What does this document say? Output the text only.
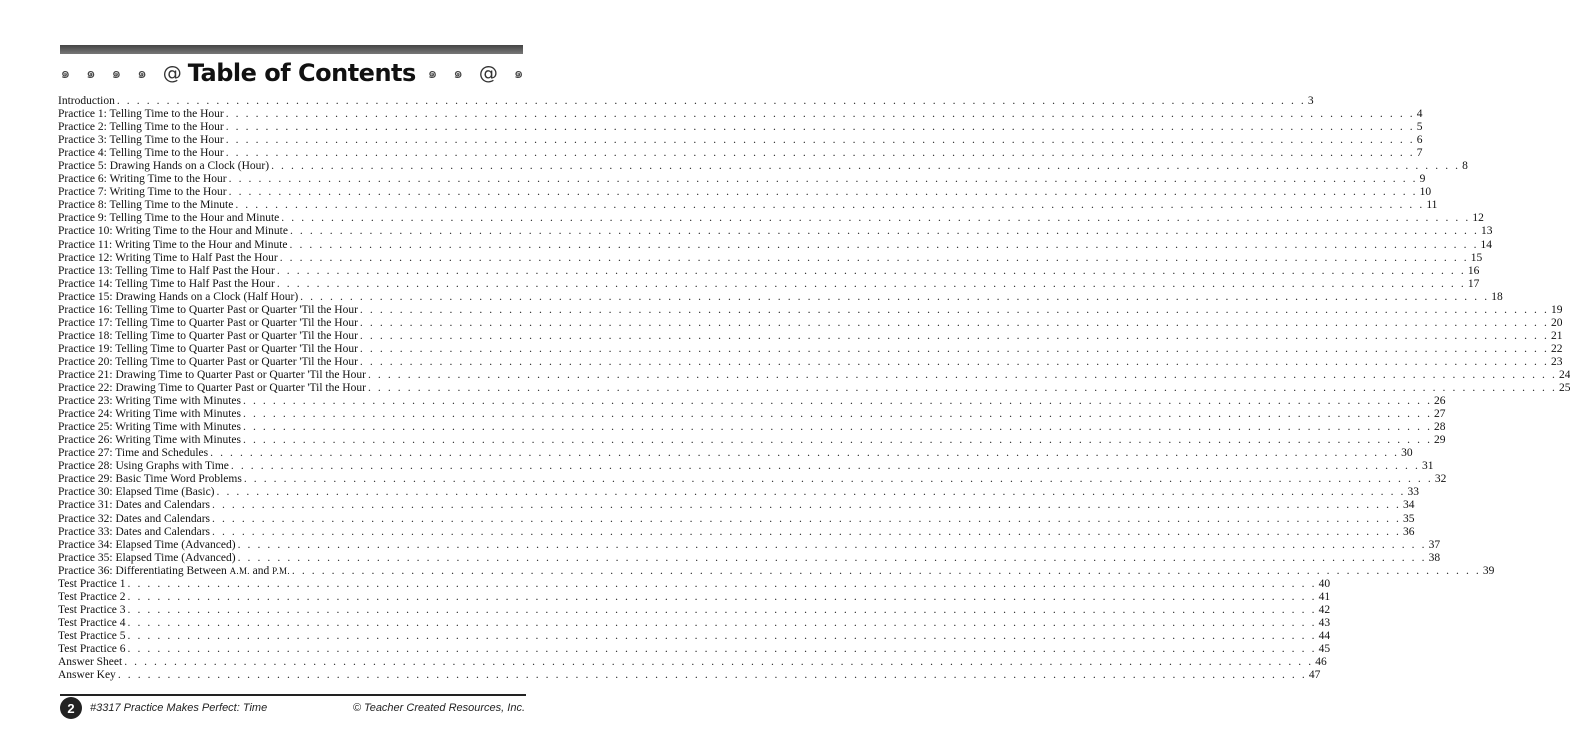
๑ ๑ ๑ ๑ @ Table of Contents ๑ ๑ @ ๑
Introduction . . . . . . . . . . . . . . . . . . . . . . . . . . . . . . . . . . . . . . . . . . . . . . . . . . . . . . . . . . . . . . . . . . . . . . . . . . . . . . . . . . . . . . . . . . . . . . . . . . . . . . . . . . . . . . . . . . . . . . . . 3
Practice 1: Telling Time to the Hour . . . . . . . . . . . . . . . . . . . . . . . . . . . . . . . . . . . . . . . . . . . . . . . . . . . . . . . . . . . . . . . . . . . . . . . . . . . . . . . . . . . . . . . . . . . . . . . . . . . . . . . . . . . . . . . . . . . . . . . . 4
Practice 2: Telling Time to the Hour . . . . . . . . . . . . . . . . . . . . . . . . . . . . . . . . . . . . . . . . . . . . . . . . . . . . . . . . . . . . . . . . . . . . . . . . . . . . . . . . . . . . . . . . . . . . . . . . . . . . . . . . . . . . . . . . . . . . . . . . 5
Practice 3: Telling Time to the Hour . . . . . . . . . . . . . . . . . . . . . . . . . . . . . . . . . . . . . . . . . . . . . . . . . . . . . . . . . . . . . . . . . . . . . . . . . . . . . . . . . . . . . . . . . . . . . . . . . . . . . . . . . . . . . . . . . . . . . . . . 6
Practice 4: Telling Time to the Hour . . . . . . . . . . . . . . . . . . . . . . . . . . . . . . . . . . . . . . . . . . . . . . . . . . . . . . . . . . . . . . . . . . . . . . . . . . . . . . . . . . . . . . . . . . . . . . . . . . . . . . . . . . . . . . . . . . . . . . . . 7
Practice 5: Drawing Hands on a Clock (Hour) . . . . . . . . . . . . . . . . . . . . . . . . . . . . . . . . . . . . . . . . . . . . . . . . . . . . . . . . . . . . . . . . . . . . . . . . . . . . . . . . . . . . . . . . . . . . . . . . . . . . . . . . . . . . . . . . . . . . . . . . 8
Practice 6: Writing Time to the Hour . . . . . . . . . . . . . . . . . . . . . . . . . . . . . . . . . . . . . . . . . . . . . . . . . . . . . . . . . . . . . . . . . . . . . . . . . . . . . . . . . . . . . . . . . . . . . . . . . . . . . . . . . . . . . . . . . . . . . . . . 9
Practice 7: Writing Time to the Hour . . . . . . . . . . . . . . . . . . . . . . . . . . . . . . . . . . . . . . . . . . . . . . . . . . . . . . . . . . . . . . . . . . . . . . . . . . . . . . . . . . . . . . . . . . . . . . . . . . . . . . . . . . . . . . . . . . . . . . . . 10
Practice 8: Telling Time to the Minute . . . . . . . . . . . . . . . . . . . . . . . . . . . . . . . . . . . . . . . . . . . . . . . . . . . . . . . . . . . . . . . . . . . . . . . . . . . . . . . . . . . . . . . . . . . . . . . . . . . . . . . . . . . . . . . . . . . . . . . . 11
Practice 9: Telling Time to the Hour and Minute . . . . . . . . . . . . . . . . . . . . . . . . . . . . . . . . . . . . . . . . . . . . . . . . . . . . . . . . . . . . . . . . . . . . . . . . . . . . . . . . . . . . . . . . . . . . . . . . . . . . . . . . . . . . . . . . . . . . . . . . 12
Practice 10: Writing Time to the Hour and Minute . . . . . . . . . . . . . . . . . . . . . . . . . . . . . . . . . . . . . . . . . . . . . . . . . . . . . . . . . . . . . . . . . . . . . . . . . . . . . . . . . . . . . . . . . . . . . . . . . . . . . . . . . . . . . . . . . . . . . . . . 13
Practice 11: Writing Time to the Hour and Minute . . . . . . . . . . . . . . . . . . . . . . . . . . . . . . . . . . . . . . . . . . . . . . . . . . . . . . . . . . . . . . . . . . . . . . . . . . . . . . . . . . . . . . . . . . . . . . . . . . . . . . . . . . . . . . . . . . . . . . . . 14
Practice 12: Writing Time to Half Past the Hour . . . . . . . . . . . . . . . . . . . . . . . . . . . . . . . . . . . . . . . . . . . . . . . . . . . . . . . . . . . . . . . . . . . . . . . . . . . . . . . . . . . . . . . . . . . . . . . . . . . . . . . . . . . . . . . . . . . . . . . . 15
Practice 13: Telling Time to Half Past the Hour . . . . . . . . . . . . . . . . . . . . . . . . . . . . . . . . . . . . . . . . . . . . . . . . . . . . . . . . . . . . . . . . . . . . . . . . . . . . . . . . . . . . . . . . . . . . . . . . . . . . . . . . . . . . . . . . . . . . . . . . 16
Practice 14: Telling Time to Half Past the Hour . . . . . . . . . . . . . . . . . . . . . . . . . . . . . . . . . . . . . . . . . . . . . . . . . . . . . . . . . . . . . . . . . . . . . . . . . . . . . . . . . . . . . . . . . . . . . . . . . . . . . . . . . . . . . . . . . . . . . . . . 17
Practice 15: Drawing Hands on a Clock (Half Hour) . . . . . . . . . . . . . . . . . . . . . . . . . . . . . . . . . . . . . . . . . . . . . . . . . . . . . . . . . . . . . . . . . . . . . . . . . . . . . . . . . . . . . . . . . . . . . . . . . . . . . . . . . . . . . . . . . . . . . . . . 18
Practice 16: Telling Time to Quarter Past or Quarter 'Til the Hour . . . . . . . . . . . . . . . . . . . . . . . . . . . . . . . . . . . . . . . . . . . . . . . . . . . . . . . . . . . . . . . . . . . . . . . . . . . . . . . . . . . . . . . . . . . . . . . . . . . . . . . . . . . . . . . . . . . . . . . . 19
Practice 17: Telling Time to Quarter Past or Quarter 'Til the Hour . . . . . . . . . . . . . . . . . . . . . . . . . . . . . . . . . . . . . . . . . . . . . . . . . . . . . . . . . . . . . . . . . . . . . . . . . . . . . . . . . . . . . . . . . . . . . . . . . . . . . . . . . . . . . . . . . . . . . . . . 20
Practice 18: Telling Time to Quarter Past or Quarter 'Til the Hour . . . . . . . . . . . . . . . . . . . . . . . . . . . . . . . . . . . . . . . . . . . . . . . . . . . . . . . . . . . . . . . . . . . . . . . . . . . . . . . . . . . . . . . . . . . . . . . . . . . . . . . . . . . . . . . . . . . . . . . . 21
Practice 19: Telling Time to Quarter Past or Quarter 'Til the Hour . . . . . . . . . . . . . . . . . . . . . . . . . . . . . . . . . . . . . . . . . . . . . . . . . . . . . . . . . . . . . . . . . . . . . . . . . . . . . . . . . . . . . . . . . . . . . . . . . . . . . . . . . . . . . . . . . . . . . . . . 22
Practice 20: Telling Time to Quarter Past or Quarter 'Til the Hour . . . . . . . . . . . . . . . . . . . . . . . . . . . . . . . . . . . . . . . . . . . . . . . . . . . . . . . . . . . . . . . . . . . . . . . . . . . . . . . . . . . . . . . . . . . . . . . . . . . . . . . . . . . . . . . . . . . . . . . . 23
Practice 21: Drawing Time to Quarter Past or Quarter 'Til the Hour . . . . . . . . . . . . . . . . . . . . . . . . . . . . . . . . . . . . . . . . . . . . . . . . . . . . . . . . . . . . . . . . . . . . . . . . . . . . . . . . . . . . . . . . . . . . . . . . . . . . . . . . . . . . . . . . . . . . . . . . 24
Practice 22: Drawing Time to Quarter Past or Quarter 'Til the Hour . . . . . . . . . . . . . . . . . . . . . . . . . . . . . . . . . . . . . . . . . . . . . . . . . . . . . . . . . . . . . . . . . . . . . . . . . . . . . . . . . . . . . . . . . . . . . . . . . . . . . . . . . . . . . . . . . . . . . . . . 25
Practice 23: Writing Time with Minutes . . . . . . . . . . . . . . . . . . . . . . . . . . . . . . . . . . . . . . . . . . . . . . . . . . . . . . . . . . . . . . . . . . . . . . . . . . . . . . . . . . . . . . . . . . . . . . . . . . . . . . . . . . . . . . . . . . . . . . . . 26
Practice 24: Writing Time with Minutes . . . . . . . . . . . . . . . . . . . . . . . . . . . . . . . . . . . . . . . . . . . . . . . . . . . . . . . . . . . . . . . . . . . . . . . . . . . . . . . . . . . . . . . . . . . . . . . . . . . . . . . . . . . . . . . . . . . . . . . . 27
Practice 25: Writing Time with Minutes . . . . . . . . . . . . . . . . . . . . . . . . . . . . . . . . . . . . . . . . . . . . . . . . . . . . . . . . . . . . . . . . . . . . . . . . . . . . . . . . . . . . . . . . . . . . . . . . . . . . . . . . . . . . . . . . . . . . . . . . 28
Practice 26: Writing Time with Minutes . . . . . . . . . . . . . . . . . . . . . . . . . . . . . . . . . . . . . . . . . . . . . . . . . . . . . . . . . . . . . . . . . . . . . . . . . . . . . . . . . . . . . . . . . . . . . . . . . . . . . . . . . . . . . . . . . . . . . . . . 29
Practice 27: Time and Schedules . . . . . . . . . . . . . . . . . . . . . . . . . . . . . . . . . . . . . . . . . . . . . . . . . . . . . . . . . . . . . . . . . . . . . . . . . . . . . . . . . . . . . . . . . . . . . . . . . . . . . . . . . . . . . . . . . . . . . . . . 30
Practice 28: Using Graphs with Time . . . . . . . . . . . . . . . . . . . . . . . . . . . . . . . . . . . . . . . . . . . . . . . . . . . . . . . . . . . . . . . . . . . . . . . . . . . . . . . . . . . . . . . . . . . . . . . . . . . . . . . . . . . . . . . . . . . . . . . . 31
Practice 29: Basic Time Word Problems . . . . . . . . . . . . . . . . . . . . . . . . . . . . . . . . . . . . . . . . . . . . . . . . . . . . . . . . . . . . . . . . . . . . . . . . . . . . . . . . . . . . . . . . . . . . . . . . . . . . . . . . . . . . . . . . . . . . . . . . 32
Practice 30: Elapsed Time (Basic) . . . . . . . . . . . . . . . . . . . . . . . . . . . . . . . . . . . . . . . . . . . . . . . . . . . . . . . . . . . . . . . . . . . . . . . . . . . . . . . . . . . . . . . . . . . . . . . . . . . . . . . . . . . . . . . . . . . . . . . . 33
Practice 31: Dates and Calendars . . . . . . . . . . . . . . . . . . . . . . . . . . . . . . . . . . . . . . . . . . . . . . . . . . . . . . . . . . . . . . . . . . . . . . . . . . . . . . . . . . . . . . . . . . . . . . . . . . . . . . . . . . . . . . . . . . . . . . . . 34
Practice 32: Dates and Calendars . . . . . . . . . . . . . . . . . . . . . . . . . . . . . . . . . . . . . . . . . . . . . . . . . . . . . . . . . . . . . . . . . . . . . . . . . . . . . . . . . . . . . . . . . . . . . . . . . . . . . . . . . . . . . . . . . . . . . . . . 35
Practice 33: Dates and Calendars . . . . . . . . . . . . . . . . . . . . . . . . . . . . . . . . . . . . . . . . . . . . . . . . . . . . . . . . . . . . . . . . . . . . . . . . . . . . . . . . . . . . . . . . . . . . . . . . . . . . . . . . . . . . . . . . . . . . . . . . 36
Practice 34: Elapsed Time (Advanced) . . . . . . . . . . . . . . . . . . . . . . . . . . . . . . . . . . . . . . . . . . . . . . . . . . . . . . . . . . . . . . . . . . . . . . . . . . . . . . . . . . . . . . . . . . . . . . . . . . . . . . . . . . . . . . . . . . . . . . . . 37
Practice 35: Elapsed Time (Advanced) . . . . . . . . . . . . . . . . . . . . . . . . . . . . . . . . . . . . . . . . . . . . . . . . . . . . . . . . . . . . . . . . . . . . . . . . . . . . . . . . . . . . . . . . . . . . . . . . . . . . . . . . . . . . . . . . . . . . . . . . 38
Practice 36: Differentiating Between A.M. and P.M. . . . . . . . . . . . . . . . . . . . . . . . . . . . . . . . . . . . . . . . . . . . . . . . . . . . . . . . . . . . . . . . . . . . . . . . . . . . . . . . . . . . . . . . . . . . . . . . . . . . . . . . . . . . . . . . . . . . . . . . . 39
Test Practice 1 . . . . . . . . . . . . . . . . . . . . . . . . . . . . . . . . . . . . . . . . . . . . . . . . . . . . . . . . . . . . . . . . . . . . . . . . . . . . . . . . . . . . . . . . . . . . . . . . . . . . . . . . . . . . . . . . . . . . . . . . 40
Test Practice 2 . . . . . . . . . . . . . . . . . . . . . . . . . . . . . . . . . . . . . . . . . . . . . . . . . . . . . . . . . . . . . . . . . . . . . . . . . . . . . . . . . . . . . . . . . . . . . . . . . . . . . . . . . . . . . . . . . . . . . . . . 41
Test Practice 3 . . . . . . . . . . . . . . . . . . . . . . . . . . . . . . . . . . . . . . . . . . . . . . . . . . . . . . . . . . . . . . . . . . . . . . . . . . . . . . . . . . . . . . . . . . . . . . . . . . . . . . . . . . . . . . . . . . . . . . . . 42
Test Practice 4 . . . . . . . . . . . . . . . . . . . . . . . . . . . . . . . . . . . . . . . . . . . . . . . . . . . . . . . . . . . . . . . . . . . . . . . . . . . . . . . . . . . . . . . . . . . . . . . . . . . . . . . . . . . . . . . . . . . . . . . . 43
Test Practice 5 . . . . . . . . . . . . . . . . . . . . . . . . . . . . . . . . . . . . . . . . . . . . . . . . . . . . . . . . . . . . . . . . . . . . . . . . . . . . . . . . . . . . . . . . . . . . . . . . . . . . . . . . . . . . . . . . . . . . . . . . 44
Test Practice 6 . . . . . . . . . . . . . . . . . . . . . . . . . . . . . . . . . . . . . . . . . . . . . . . . . . . . . . . . . . . . . . . . . . . . . . . . . . . . . . . . . . . . . . . . . . . . . . . . . . . . . . . . . . . . . . . . . . . . . . . . 45
Answer Sheet . . . . . . . . . . . . . . . . . . . . . . . . . . . . . . . . . . . . . . . . . . . . . . . . . . . . . . . . . . . . . . . . . . . . . . . . . . . . . . . . . . . . . . . . . . . . . . . . . . . . . . . . . . . . . . . . . . . . . . . . 46
Answer Key . . . . . . . . . . . . . . . . . . . . . . . . . . . . . . . . . . . . . . . . . . . . . . . . . . . . . . . . . . . . . . . . . . . . . . . . . . . . . . . . . . . . . . . . . . . . . . . . . . . . . . . . . . . . . . . . . . . . . . . . 47
2 #3317 Practice Makes Perfect: Time	© Teacher Created Resources, Inc.
